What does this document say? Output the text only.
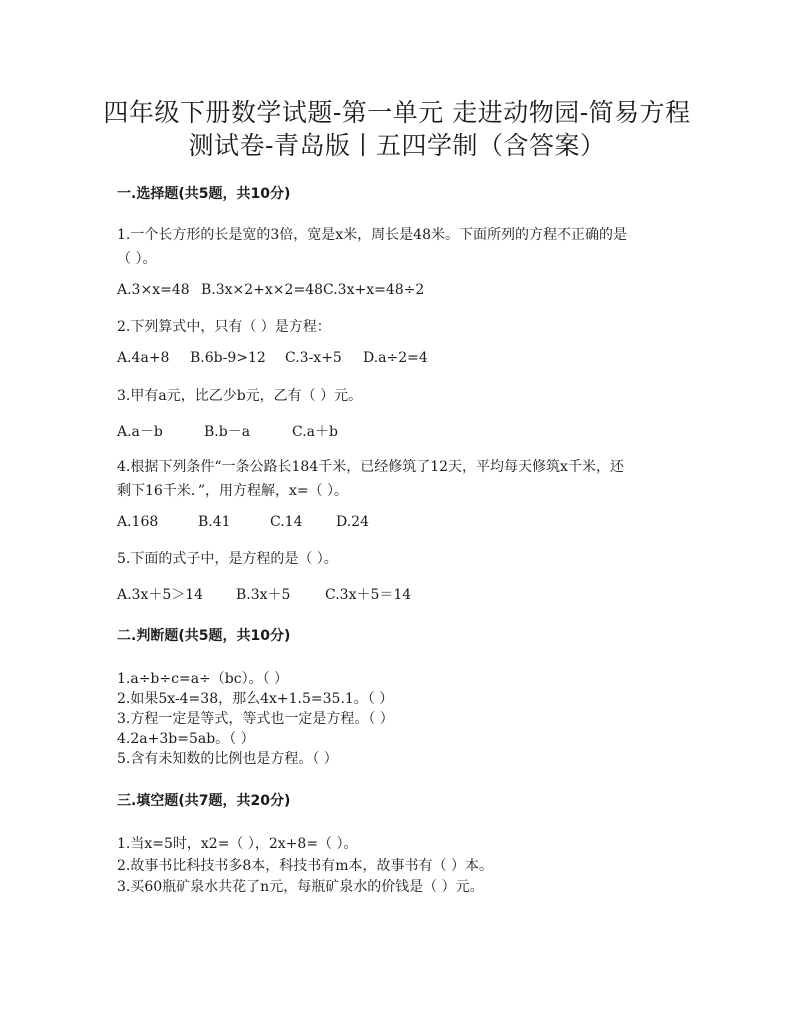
四年级下册数学试题-第一单元 走进动物园-简易方程
测试卷-青岛版丨五四学制（含答案）
一.选择题(共5题，共10分)
1.一个长方形的长是宽的3倍，宽是x米，周长是48米。下面所列的方程不正确的是
（ ）。
A.3×x=48 B.3x×2+x×2=48 C.3x+x=48÷2
2.下列算式中，只有（ ）是方程：
A.4a+8 B.6b-9>12 C.3-x+5 D.a÷2=4
3.甲有a元，比乙少b元，乙有（ ）元。
A.a－b	B.b－a	C.a＋b
4.根据下列条件“一条公路长184千米，已经修筑了12天，平均每天修筑x千米，还
剩下16千米．”，用方程解，x=（ ）。
A.168	B.41	C.14 D.24
5.下面的式子中，是方程的是（ ）。
A.3x＋5＞14 B.3x＋5 C.3x＋5＝14
二.判断题(共5题，共10分)
1.a÷b÷c=a÷（bc）。（ ）
2.如果5x-4=38，那么4x+1.5=35.1。（ ）
3.方程一定是等式，等式也一定是方程。（ ）
4.2a+3b=5ab。（ ）
5.含有未知数的比例也是方程。（ ）
三.填空题(共7题，共20分)
1.当x=5时，x2=（ ），2x+8=（ ）。
2.故事书比科技书多8本，科技书有m本，故事书有（ ）本。
3.买60瓶矿泉水共花了n元，每瓶矿泉水的价钱是（ ）元。
